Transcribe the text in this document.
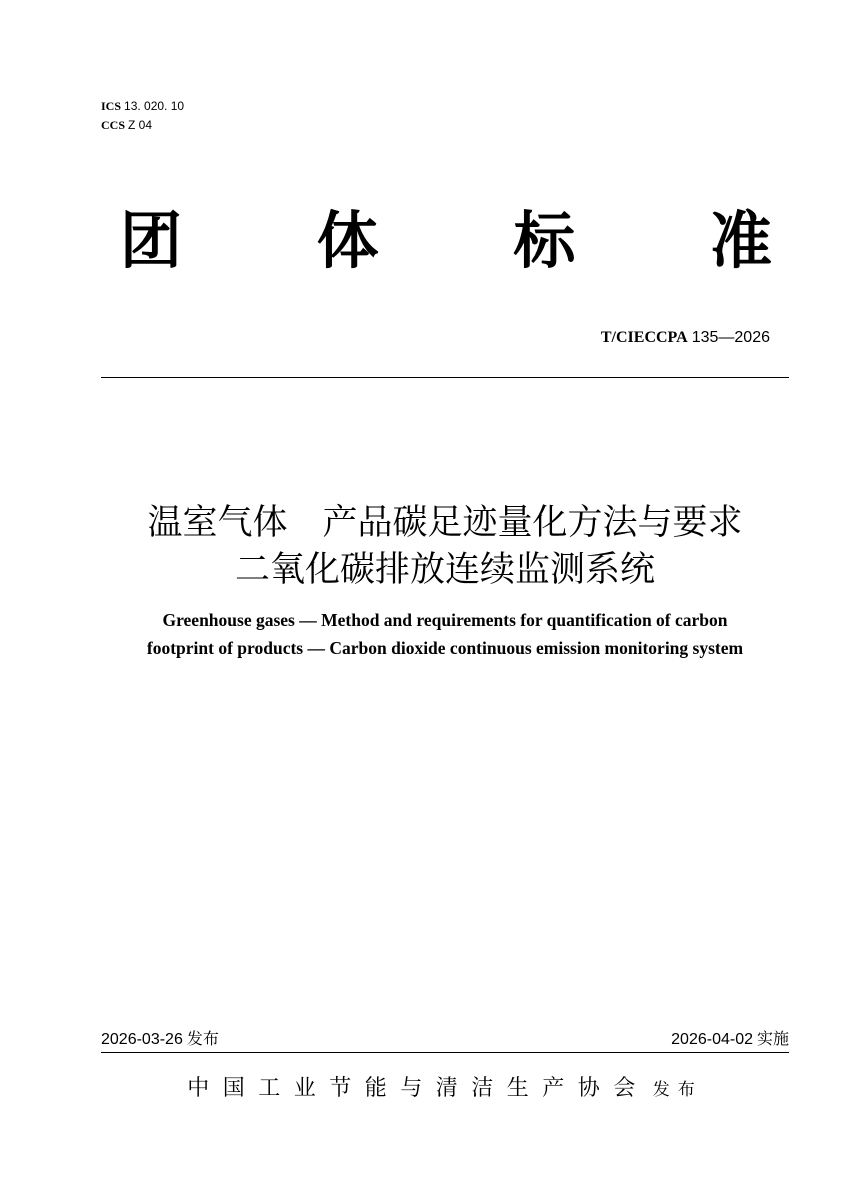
ICS 13. 020. 10
CCS Z 04
团 体 标 准
T/CIECCPA 135—2026
温室气体　产品碳足迹量化方法与要求
二氧化碳排放连续监测系统
Greenhouse gases — Method and requirements for quantification of carbon
footprint of products — Carbon dioxide continuous emission monitoring system
2026-03-26 发布	2026-04-02 实施
中国工业节能与清洁生产协会 发布
